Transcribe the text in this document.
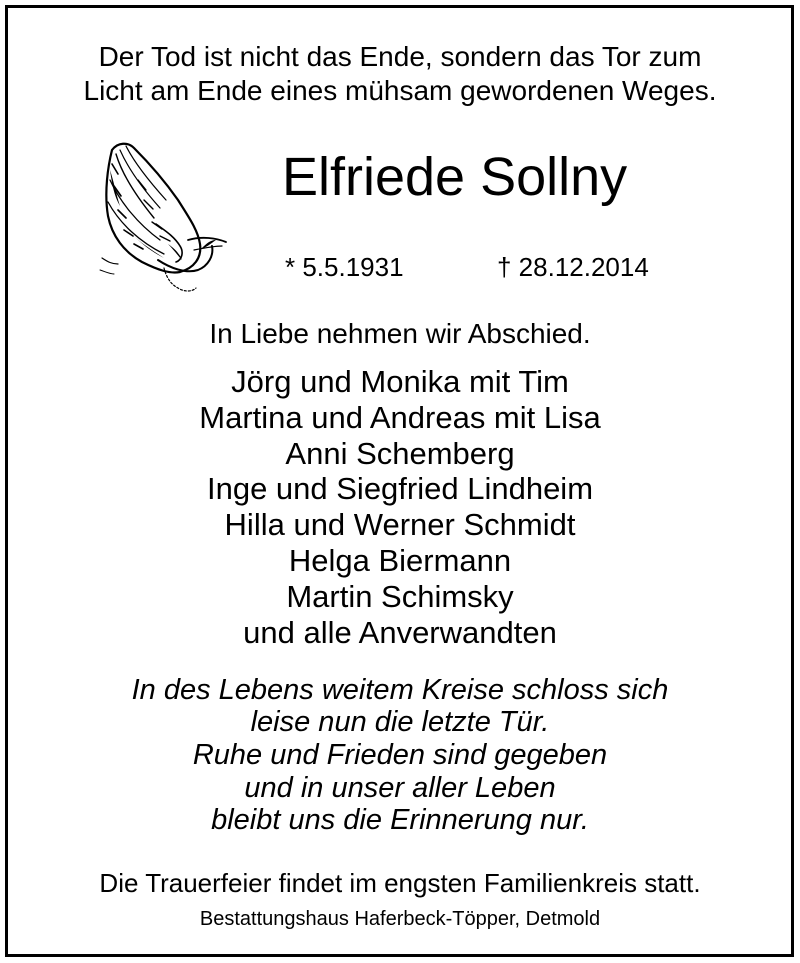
Der Tod ist nicht das Ende, sondern das Tor zum
Licht am Ende eines mühsam gewordenen Weges.
Elfriede Sollny
* 5.5.1931	† 28.12.2014
In Liebe nehmen wir Abschied.
Jörg und Monika mit Tim
Martina und Andreas mit Lisa
Anni Schemberg
Inge und Siegfried Lindheim
Hilla und Werner Schmidt
Helga Biermann
Martin Schimsky
und alle Anverwandten
In des Lebens weitem Kreise schloss sich
leise nun die letzte Tür.
Ruhe und Frieden sind gegeben
und in unser aller Leben
bleibt uns die Erinnerung nur.
Die Trauerfeier findet im engsten Familienkreis statt.
Bestattungshaus Haferbeck-Töpper, Detmold
